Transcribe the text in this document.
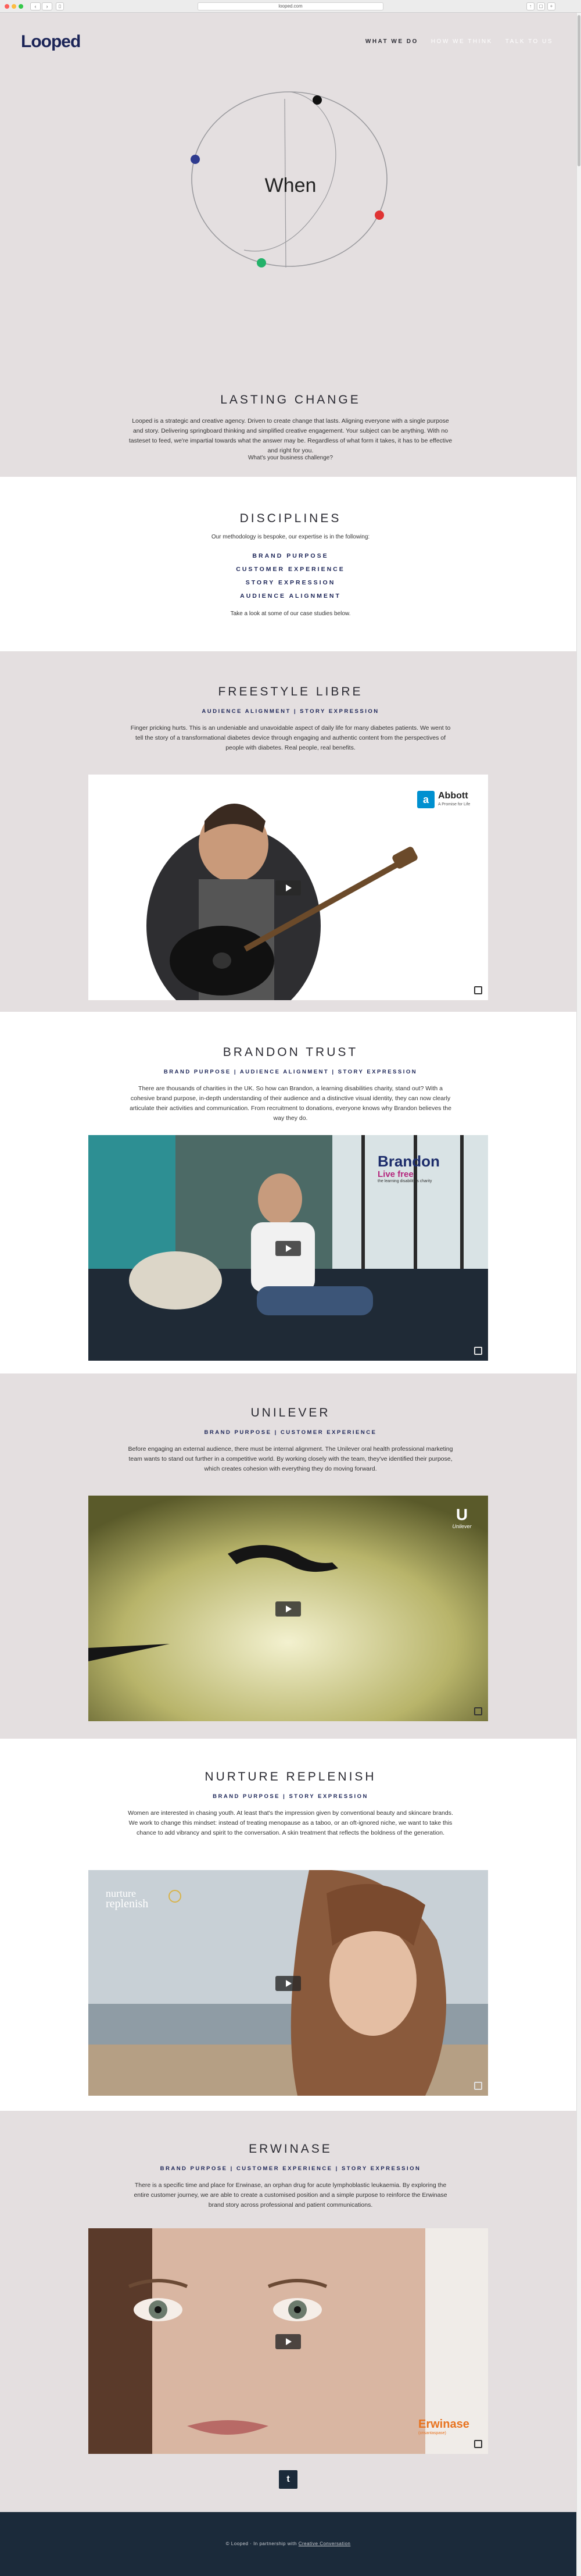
‹	›	▯	looped.com	↑	▢	+
Looped	WHAT WE DO HOW WE THINK TALK TO US
When
LASTING CHANGE
Looped is a strategic and creative agency. Driven to create change that lasts. Aligning everyone with a single purpose and story. Delivering springboard thinking and simplified creative engagement. Your subject can be anything. With no tasteset to feed, we're impartial towards what the answer may be. Regardless of what form it takes, it has to be effective and right for you.
What's your business challenge?
DISCIPLINES
Our methodology is bespoke, our expertise is in the following:
BRAND PURPOSE
CUSTOMER EXPERIENCE
STORY EXPRESSION
AUDIENCE ALIGNMENT
Take a look at some of our case studies below.
FREESTYLE LIBRE
AUDIENCE ALIGNMENT | STORY EXPRESSION
Finger pricking hurts. This is an undeniable and unavoidable aspect of daily life for many diabetes patients. We went to tell the story of a transformational diabetes device through engaging and authentic content from the perspectives of people with diabetes. Real people, real benefits.
a	Abbott
A Promise for Life
BRANDON TRUST
BRAND PURPOSE | AUDIENCE ALIGNMENT | STORY EXPRESSION
There are thousands of charities in the UK. So how can Brandon, a learning disabilities charity, stand out? With a cohesive brand purpose, in-depth understanding of their audience and a distinctive visual identity, they can now clearly articulate their activities and communication. From recruitment to donations, everyone knows why Brandon believes the way they do.
Brandon
Live free
the learning disabilities charity
UNILEVER
BRAND PURPOSE | CUSTOMER EXPERIENCE
Before engaging an external audience, there must be internal alignment. The Unilever oral health professional marketing team wants to stand out further in a competitive world. By working closely with the team, they've identified their purpose, which creates cohesion with everything they do moving forward.
U
Unilever
NURTURE REPLENISH
BRAND PURPOSE | STORY EXPRESSION
Women are interested in chasing youth. At least that's the impression given by conventional beauty and skincare brands. We work to change this mindset: instead of treating menopause as a taboo, or an oft-ignored niche, we want to take this chance to add vibrancy and spirit to the conversation. A skin treatment that reflects the boldness of the generation.
nurture
replenish
ERWINASE
BRAND PURPOSE | CUSTOMER EXPERIENCE | STORY EXPRESSION
There is a specific time and place for Erwinase, an orphan drug for acute lymphoblastic leukaemia. By exploring the entire customer journey, we are able to create a customised position and a simple purpose to reinforce the Erwinase brand story across professional and patient communications.
Erwinase
(crisantaspase)
t
© Looped · In partnership with Creative Conversation
